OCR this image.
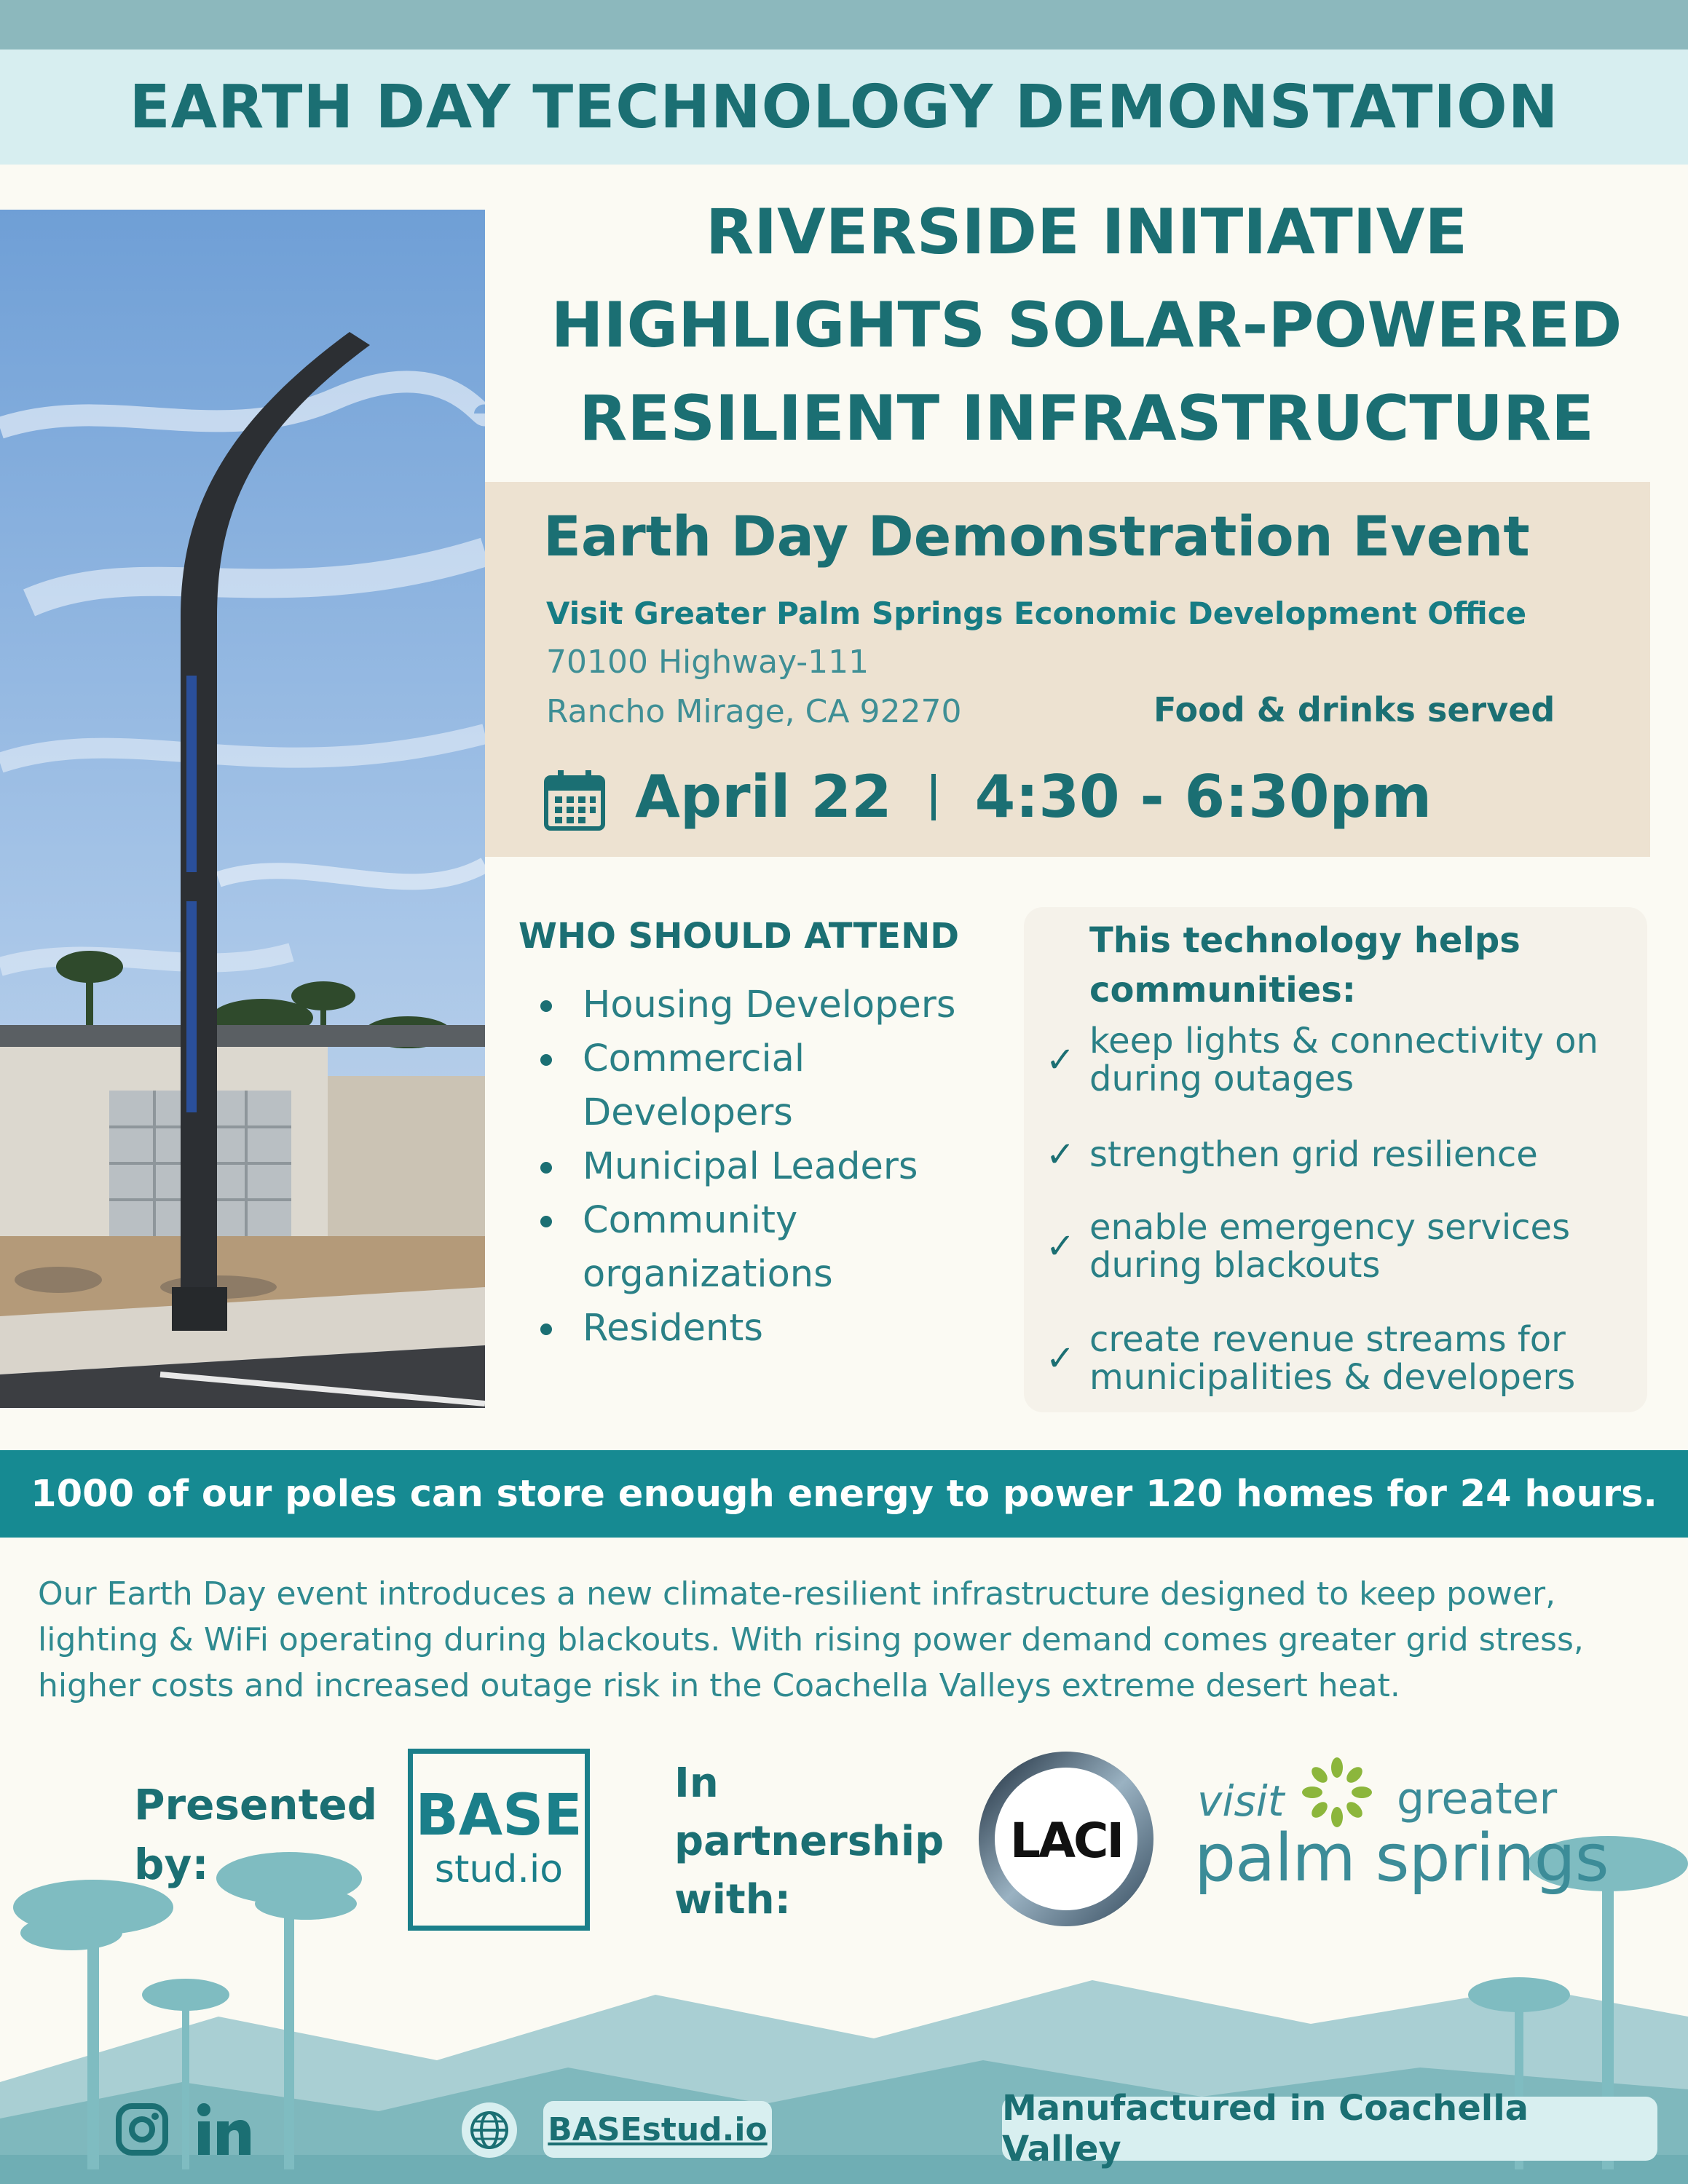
EARTH DAY TECHNOLOGY DEMONSTATION
RIVERSIDE INITIATIVE
HIGHLIGHTS SOLAR-POWERED
RESILIENT INFRASTRUCTURE
Earth Day Demonstration Event
Visit Greater Palm Springs Economic Development Office
70100 Highway-111
Rancho Mirage, CA 92270	Food & drinks served
April 22 4:30 - 6:30pm
WHO SHOULD ATTEND
Housing Developers
Commercial
Developers
Municipal Leaders
Community
organizations
Residents
This technology helps
communities:
✓ keep lights & connectivity on
during outages
✓ strengthen grid resilience
✓ enable emergency services
during blackouts
✓ create revenue streams for
municipalities & developers
1000 of our poles can store enough energy to power 120 homes for 24 hours.
Our Earth Day event introduces a new climate-resilient infrastructure designed to keep power,
lighting & WiFi operating during blackouts. With rising power demand comes greater grid stress,
higher costs and increased outage risk in the Coachella Valleys extreme desert heat.
Presented
by:
BASE
stud.io
In
partnership
with:
LACI
visit	greater
palm springs
BASEstud.io
Manufactured in Coachella Valley
